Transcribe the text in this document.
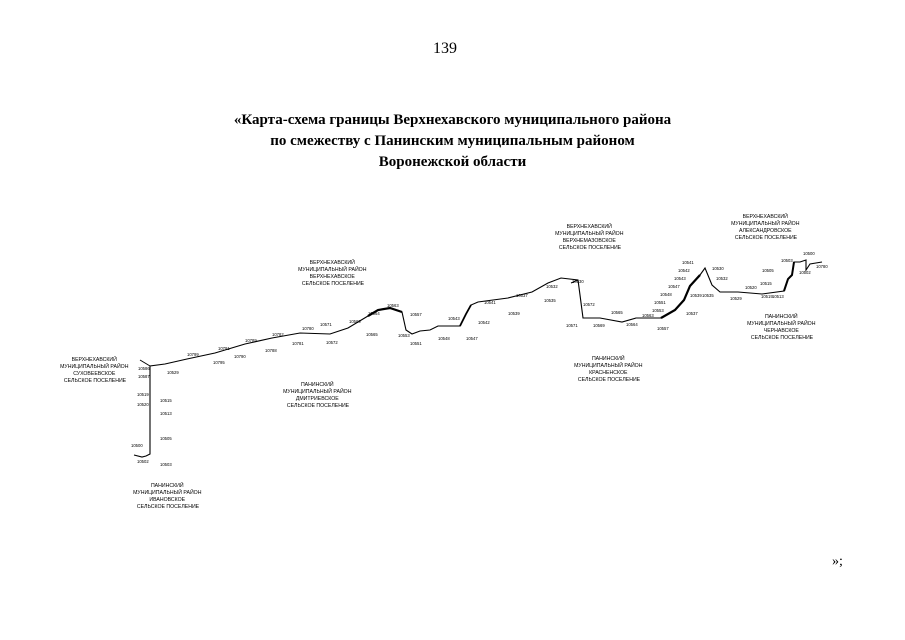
139
«Карта-схема границы Верхнехавского муниципального района
по смежеству с Панинским муниципальным районом
Воронежской области
ВЕРХНЕХАВСКИЙ МУНИЦИПАЛЬНЫЙ РАЙОН СУХОВЕЕВСКОЕ СЕЛЬСКОЕ ПОСЕЛЕНИЕ
ВЕРХНЕХАВСКИЙ МУНИЦИПАЛЬНЫЙ РАЙОН ВЕРХНЕХАВСКОЕ СЕЛЬСКОЕ ПОСЕЛЕНИЕ
ПАНИНСКИЙ МУНИЦИПАЛЬНЫЙ РАЙОН ДМИТРИЕВСКОЕ СЕЛЬСКОЕ ПОСЕЛЕНИЕ
ПАНИНСКИЙ МУНИЦИПАЛЬНЫЙ РАЙОН ИВАНОВСКОЕ СЕЛЬСКОЕ ПОСЕЛЕНИЕ
ВЕРХНЕХАВСКИЙ МУНИЦИПАЛЬНЫЙ РАЙОН ВЕРХНЕМАЗОВСКОЕ СЕЛЬСКОЕ ПОСЕЛЕНИЕ
ПАНИНСКИЙ МУНИЦИПАЛЬНЫЙ РАЙОН КРАСНЕНСКОЕ СЕЛЬСКОЕ ПОСЕЛЕНИЕ
ВЕРХНЕХАВСКИЙ МУНИЦИПАЛЬНЫЙ РАЙОН АЛЕКСАНДРОВСКОЕ СЕЛЬСКОЕ ПОСЕЛЕНИЕ
ПАНИНСКИЙ МУНИЦИПАЛЬНЫЙ РАЙОН ЧЕРНАВСКОЕ СЕЛЬСКОЕ ПОСЕЛЕНИЕ
10500
10502
10503
10505
10513
10515
10519
10520
10586
10587
10529
10799
10795
10791
10790
10789
10788
10782
10781
10780
10572
10571
10569
10565
10564
10563
10557
10553
10551
10548	10547
10543
10542
10541
10539
10537
10535
10532
10530
10572
10571	10569
10565
10564
10563
10557
10553
10551
10548
10547
10543
10542
10541
10539
10537
10535
10532
10530
10529
10520
10519
10515
10513
10505
10503
10502
10500
10780
»;
